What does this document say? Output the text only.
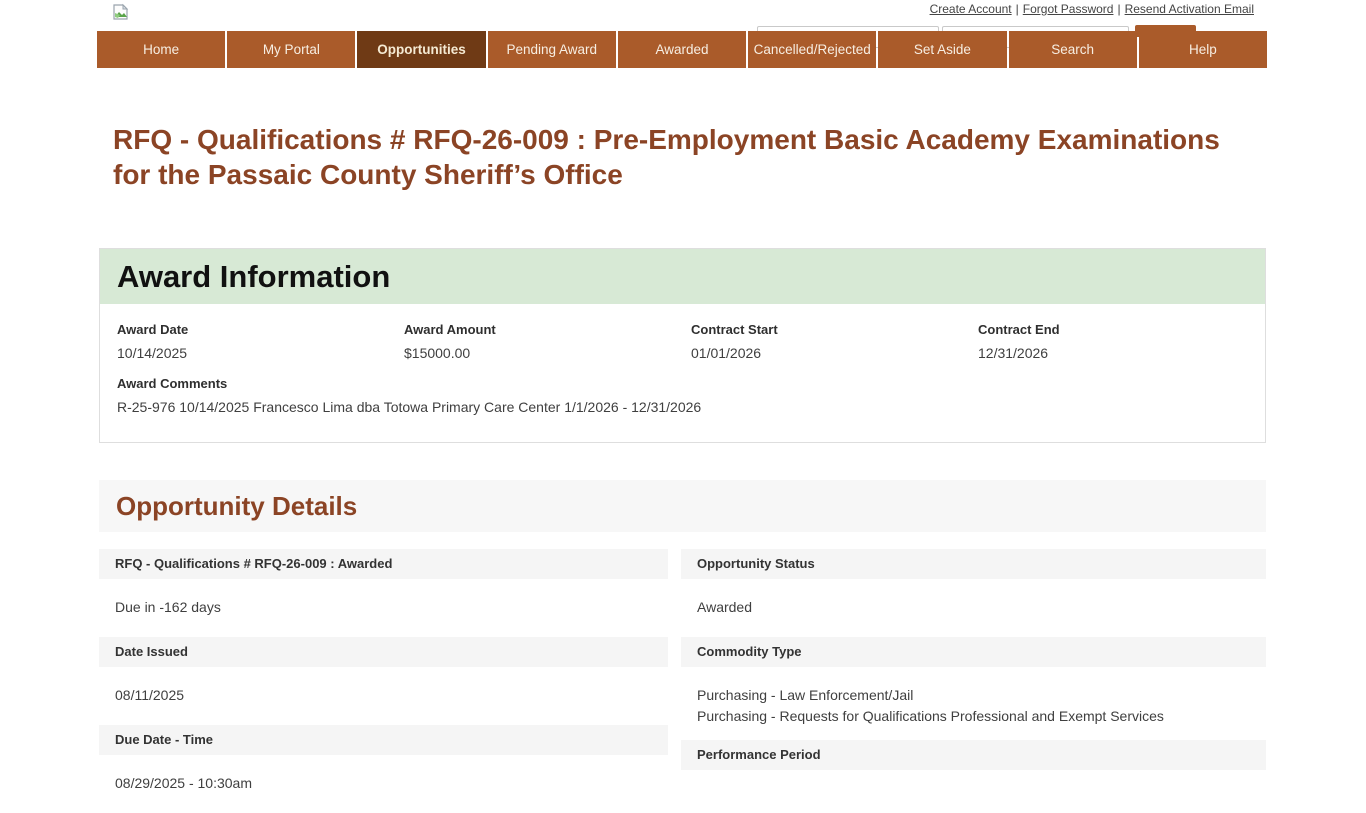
Create Account | Forgot Password | Resend Activation Email
Home	My Portal	Opportunities	Pending Award	Awarded	Cancelled/Rejected	Set Aside	Search	Help
RFQ - Qualifications # RFQ-26-009 : Pre-Employment Basic Academy Examinations for the Passaic County Sheriff’s Office
Award Information
Award Date
10/14/2025
Award Amount
$15000.00
Contract Start
01/01/2026
Contract End
12/31/2026
Award Comments
R-25-976 10/14/2025 Francesco Lima dba Totowa Primary Care Center 1/1/2026 - 12/31/2026
Opportunity Details
RFQ - Qualifications # RFQ-26-009 : Awarded
Due in -162 days
Date Issued
08/11/2025
Due Date - Time
08/29/2025 - 10:30am
Opportunity Status
Awarded
Commodity Type
Purchasing - Law Enforcement/Jail
Purchasing - Requests for Qualifications Professional and Exempt Services
Performance Period
